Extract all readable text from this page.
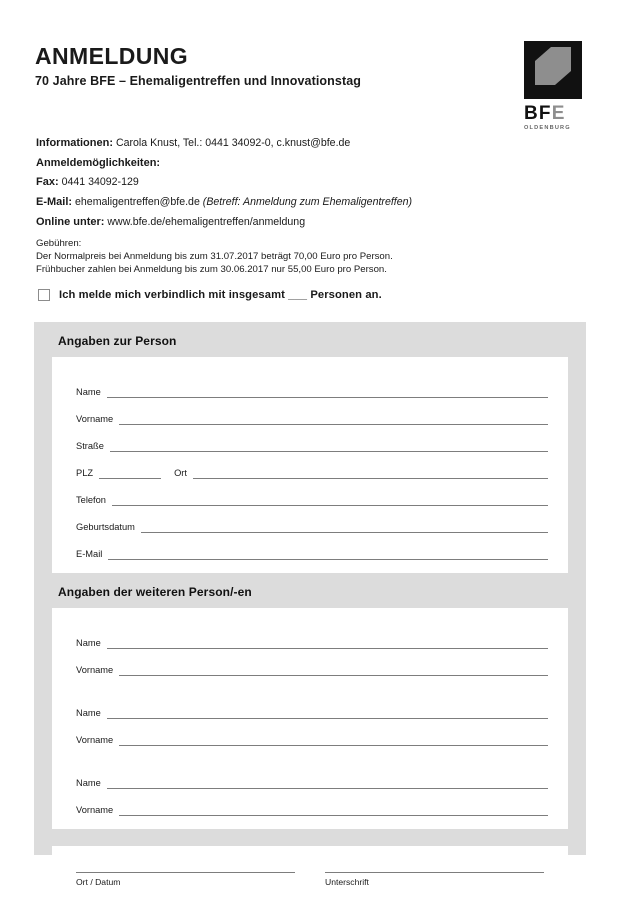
ANMELDUNG
70 Jahre BFE – Ehemaligentreffen und Innovationstag
BFE
OLDENBURG
Informationen: Carola Knust, Tel.: 0441 34092-0, c.knust@bfe.de
Anmeldemöglichkeiten:
Fax: 0441 34092-129
E-Mail: ehemaligentreffen@bfe.de (Betreff: Anmeldung zum Ehemaligentreffen)
Online unter: www.bfe.de/ehemaligentreffen/anmeldung
Gebühren:
Der Normalpreis bei Anmeldung bis zum 31.07.2017 beträgt 70,00 Euro pro Person.
Frühbucher zahlen bei Anmeldung bis zum 30.06.2017 nur 55,00 Euro pro Person.
Ich melde mich verbindlich mit insgesamt ___ Personen an.
Angaben zur Person
Name
Vorname
Straße
PLZ	Ort
Telefon
Geburtsdatum
E-Mail
Angaben der weiteren Person/-en
Name
Vorname
Name
Vorname
Name
Vorname
Ort / Datum	Unterschrift
